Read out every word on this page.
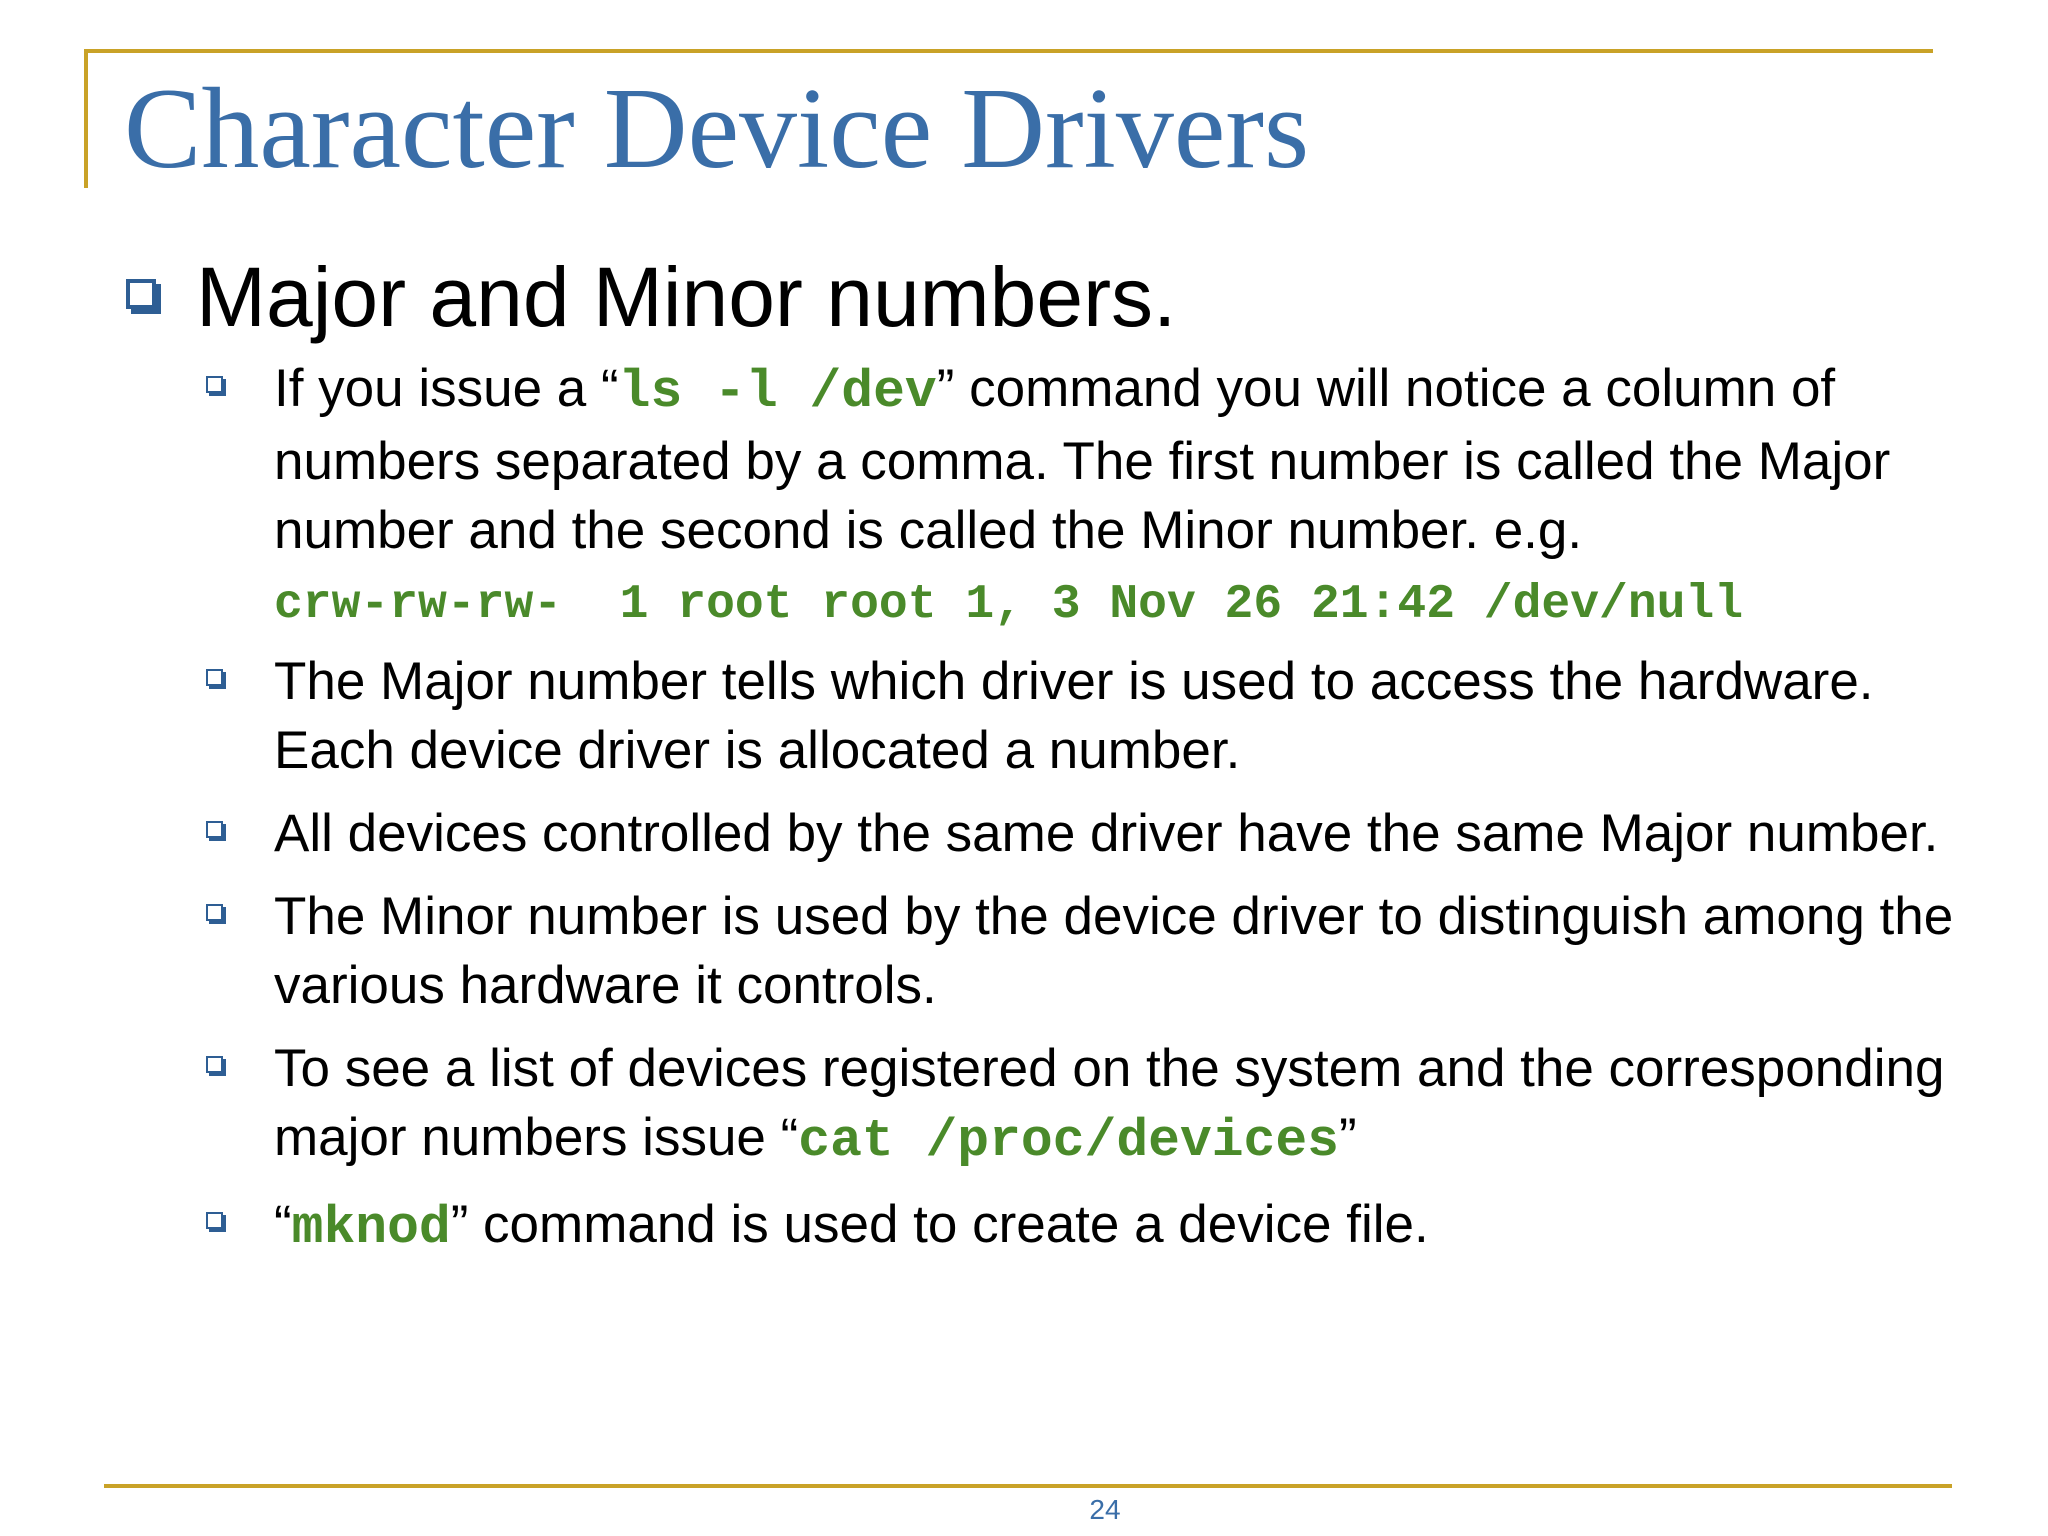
Character Device Drivers
Major and Minor numbers.
If you issue a “ls -l /dev” command you will notice a column of numbers separated by a comma. The first number is called the Major number and the second is called the Minor number. e.g.
crw-rw-rw-  1 root root 1, 3 Nov 26 21:42 /dev/null
The Major number tells which driver is used to access the hardware. Each device driver is allocated a number.
All devices controlled by the same driver have the same Major number.
The Minor number is used by the device driver to distinguish among the various hardware it controls.
To see a list of devices registered on the system and the corresponding major numbers issue “cat /proc/devices”
“mknod” command is used to create a device file.
24
